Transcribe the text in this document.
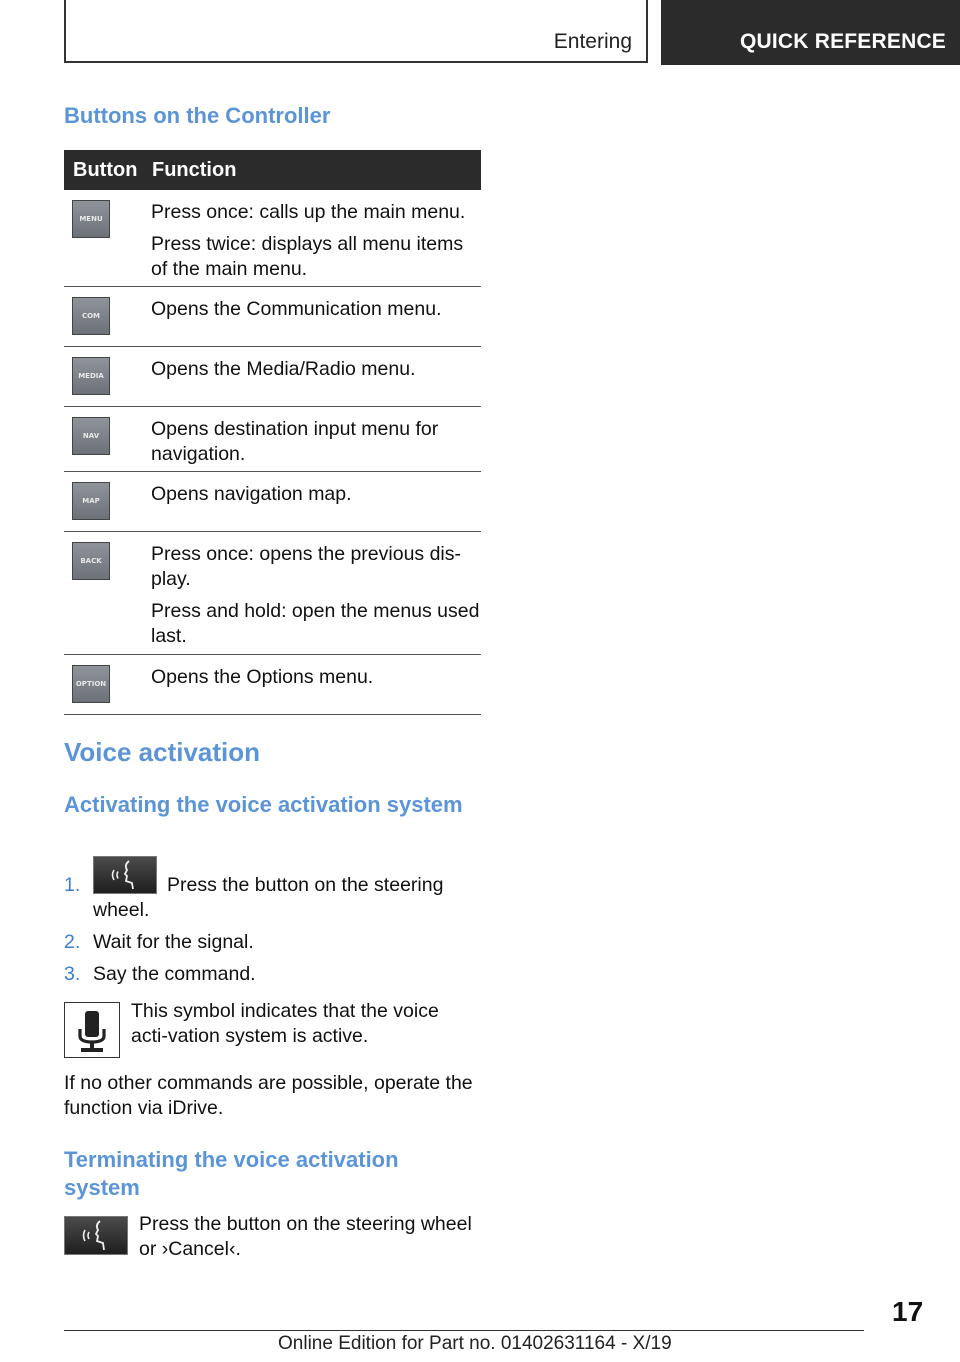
Entering	QUICK REFERENCE
Buttons on the Controller
Button Function
MENU	Press once: calls up the main menu.

Press twice: displays all menu items of the main menu.

COM	Opens the Communication menu.

MEDIA	Opens the Media/Radio menu.

NAV	Opens destination input menu for navigation.

MAP	Opens navigation map.

BACK	Press once: opens the previous dis‐play.

Press and hold: open the menus used last.

OPTION Opens the Options menu.

Voice activation
Activating the voice activation system
1.	Press the button on the steering wheel.
2. Wait for the signal.
3. Say the command.
This symbol indicates that the voice acti‐vation system is active.
If no other commands are possible, operate the function via iDrive.
Terminating the voice activation system
Press the button on the steering wheel or ›Cancel‹.
17
Online Edition for Part no. 01402631164 - X/19
